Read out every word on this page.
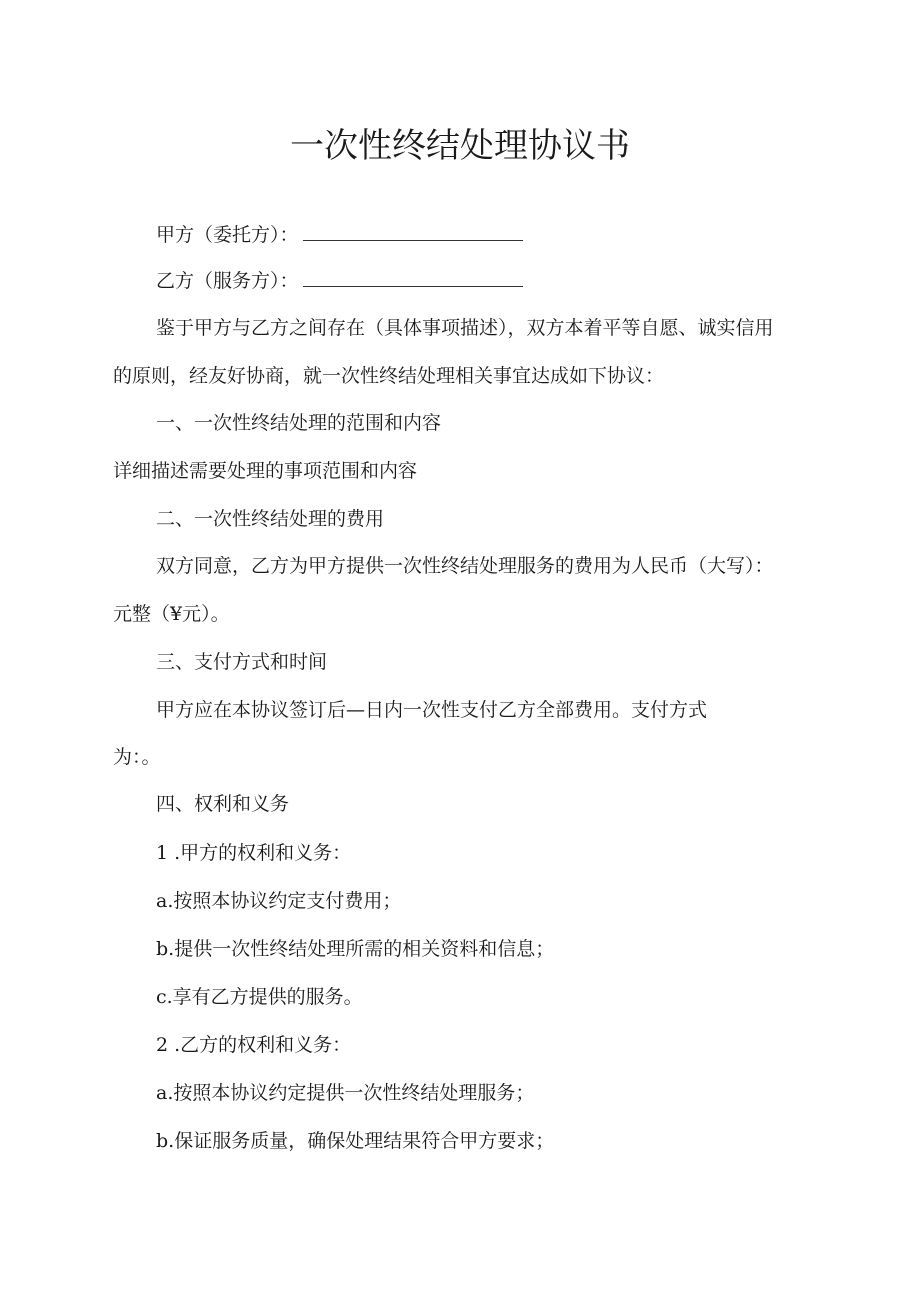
一次性终结处理协议书
甲方（委托方）：
乙方（服务方）：
鉴于甲方与乙方之间存在（具体事项描述），双方本着平等自愿、诚实信用
的原则，经友好协商，就一次性终结处理相关事宜达成如下协议：
一、一次性终结处理的范围和内容
详细描述需要处理的事项范围和内容
二、一次性终结处理的费用
双方同意，乙方为甲方提供一次性终结处理服务的费用为人民币（大写）：
元整（¥元）。
三、支付方式和时间
甲方应在本协议签订后—日内一次性支付乙方全部费用。支付方式
为：。
四、权利和义务
1 .甲方的权利和义务：
a.按照本协议约定支付费用；
b.提供一次性终结处理所需的相关资料和信息；
c.享有乙方提供的服务。
2 .乙方的权利和义务：
a.按照本协议约定提供一次性终结处理服务；
b.保证服务质量，确保处理结果符合甲方要求；
